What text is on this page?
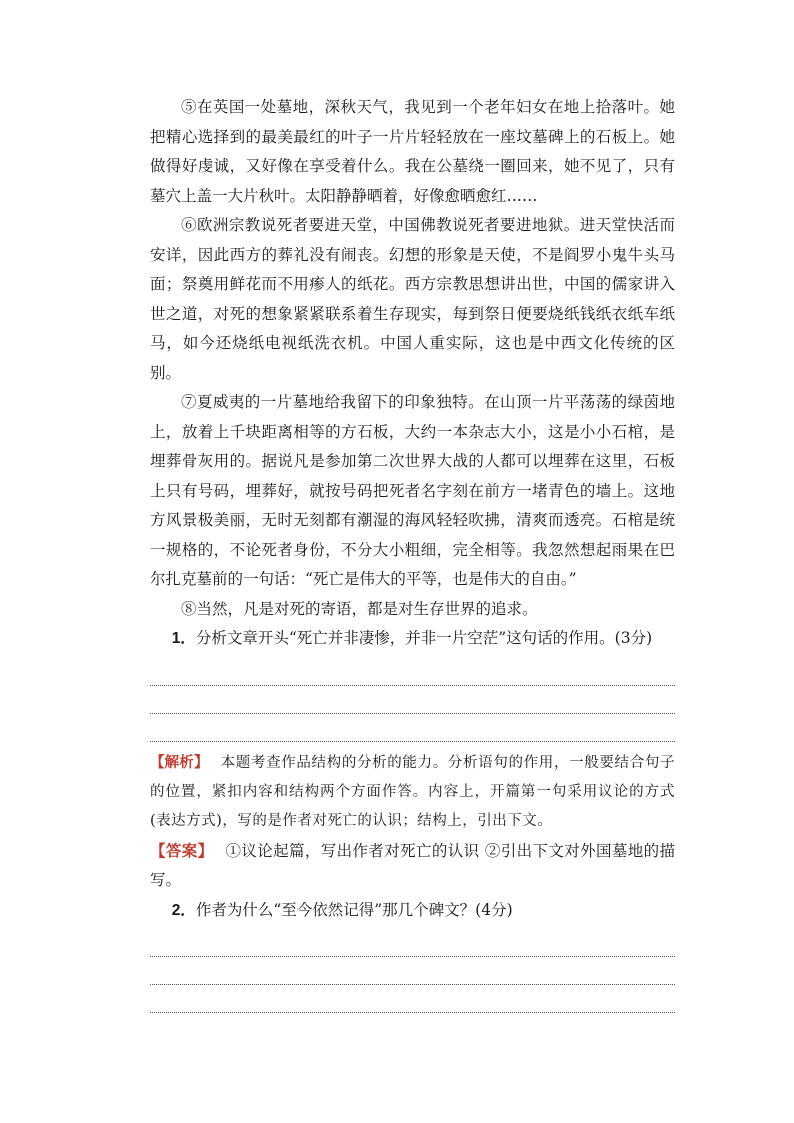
⑤在英国一处墓地，深秋天气，我见到一个老年妇女在地上拾落叶。她把精心选择到的最美最红的叶子一片片轻轻放在一座坟墓碑上的石板上。她做得好虔诚，又好像在享受着什么。我在公墓绕一圈回来，她不见了，只有墓穴上盖一大片秋叶。太阳静静晒着，好像愈晒愈红……

⑥欧洲宗教说死者要进天堂，中国佛教说死者要进地狱。进天堂快活而安详，因此西方的葬礼没有闹丧。幻想的形象是天使，不是阎罗小鬼牛头马面；祭奠用鲜花而不用瘆人的纸花。西方宗教思想讲出世，中国的儒家讲入世之道，对死的想象紧紧联系着生存现实，每到祭日便要烧纸钱纸衣纸车纸马，如今还烧纸电视纸洗衣机。中国人重实际，这也是中西文化传统的区别。

⑦夏威夷的一片墓地给我留下的印象独特。在山顶一片平荡荡的绿茵地上，放着上千块距离相等的方石板，大约一本杂志大小，这是小小石棺，是埋葬骨灰用的。据说凡是参加第二次世界大战的人都可以埋葬在这里，石板上只有号码，埋葬好，就按号码把死者名字刻在前方一堵青色的墙上。这地方风景极美丽，无时无刻都有潮湿的海风轻轻吹拂，清爽而透亮。石棺是统一规格的，不论死者身份，不分大小粗细，完全相等。我忽然想起雨果在巴尔扎克墓前的一句话：“死亡是伟大的平等，也是伟大的自由。”

⑧当然，凡是对死的寄语，都是对生存世界的追求。

1．分析文章开头“死亡并非凄惨，并非一片空茫”这句话的作用。(3分)

【解析】 本题考查作品结构的分析的能力。分析语句的作用，一般要结合句子的位置，紧扣内容和结构两个方面作答。内容上，开篇第一句采用议论的方式(表达方式)，写的是作者对死亡的认识；结构上，引出下文。

【答案】 ①议论起篇，写出作者对死亡的认识 ②引出下文对外国墓地的描写。

2．作者为什么“至今依然记得”那几个碑文？(4分)
